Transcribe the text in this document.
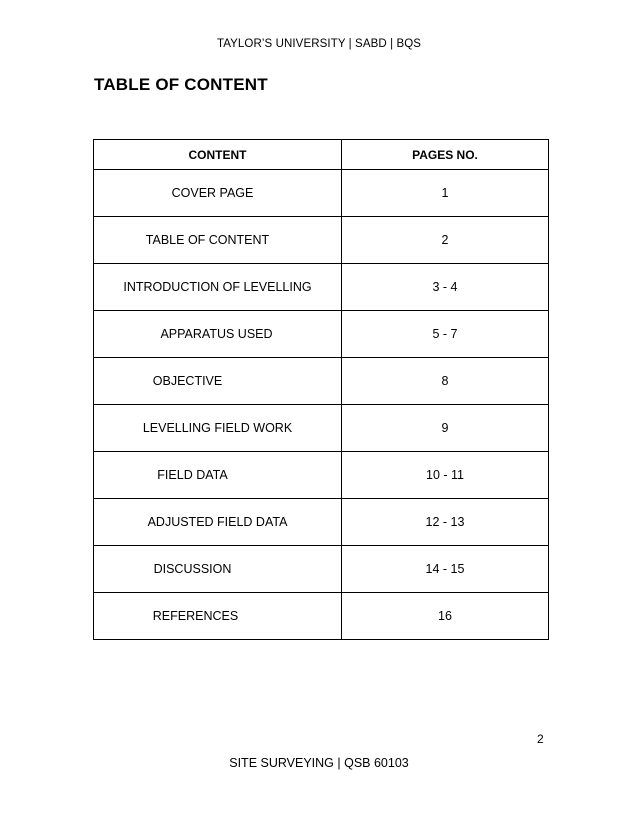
TAYLOR’S UNIVERSITY | SABD | BQS
TABLE OF CONTENT
CONTENT	PAGES NO.
COVER PAGE	1
TABLE OF CONTENT	2
INTRODUCTION OF LEVELLING	3 - 4
APPARATUS USED	5 - 7
OBJECTIVE	8
LEVELLING FIELD WORK	9
FIELD DATA	10 - 11
ADJUSTED FIELD DATA	12 - 13
DISCUSSION	14 - 15
REFERENCES	16
2
SITE SURVEYING | QSB 60103
